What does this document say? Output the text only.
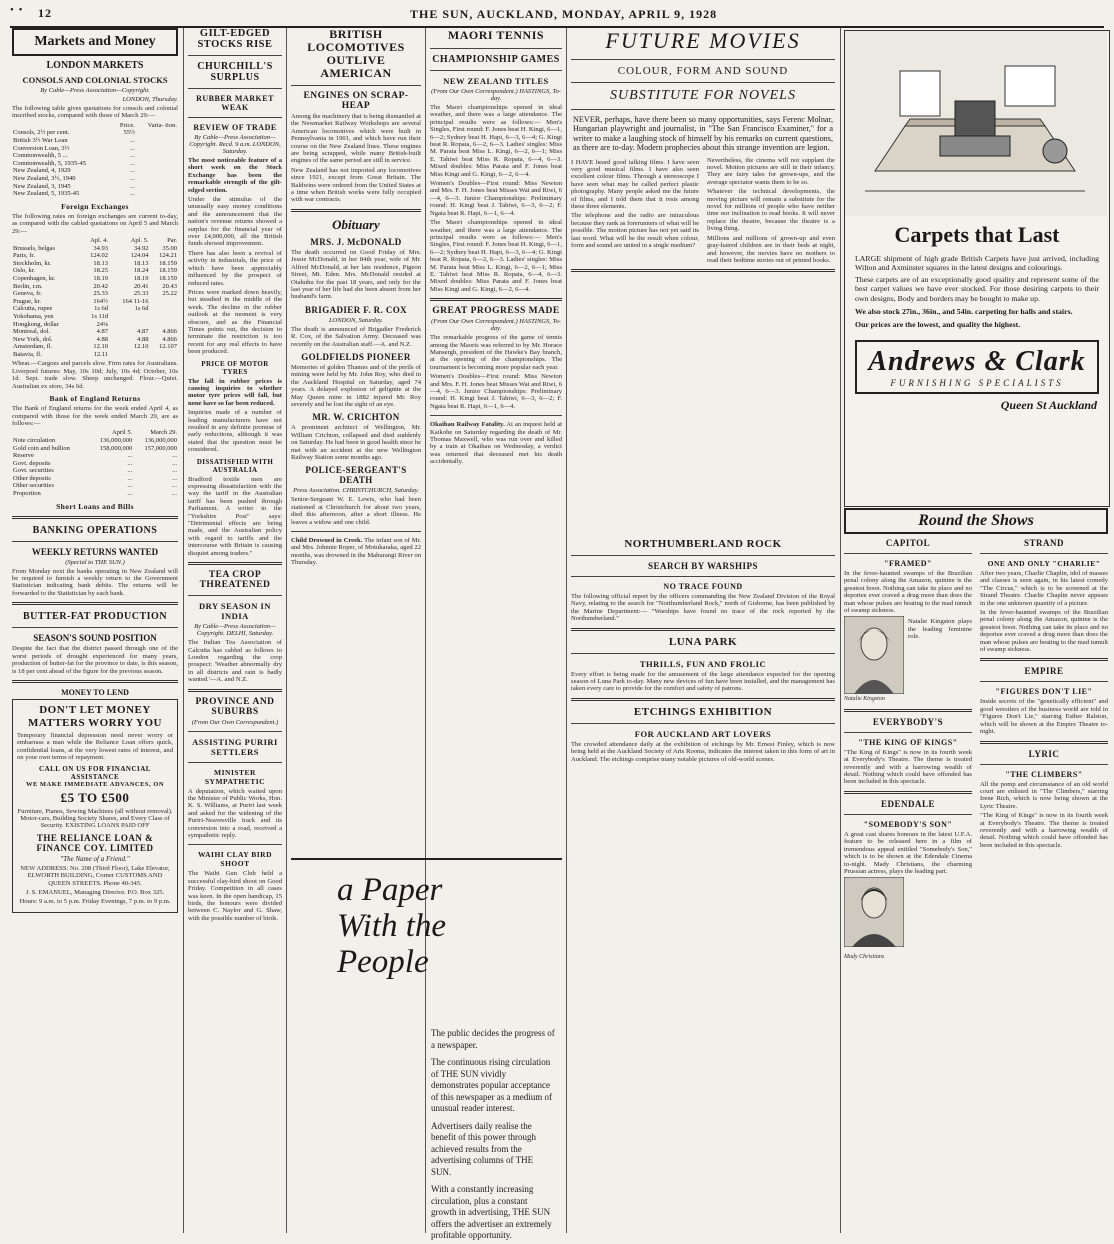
• • 12	THE SUN, AUCKLAND, MONDAY, APRIL 9, 1928
Markets and Money
LONDON MARKETS
CONSOLS AND COLONIAL STOCKS
By Cable—Press Association—Copyright.
LONDON, Thursday.
The following table gives quotations for consols and colonial inscribed stocks, compared with those of March 29:—
	Price.	Varia- tion.
Consols, 2½ per cent.	55½	
British 3½ War Loan	...	
Conversion Loan, 3½	...	
Commonwealth, 5 ...	...	
Commonwealth, 5, 1935-45	...	
New Zealand, 4, 1929	...	
New Zealand, 3½, 1940	...	
New Zealand, 3, 1945	...	
New Zealand, 5, 1935-45	...	
Foreign Exchanges
The following rates on foreign exchanges are current to-day, as compared with the cabled quotations on April 5 and March 29:—
	Apl. 4.	Apl. 5.	Par.
Brussels, belgas	34.93	34.92	35.00
Paris, fr.	124.02	124.04	124.21
Stockholm, kr.	18.13	18.13	18.159
Oslo, kr.	18.25	18.24	18.159
Copenhagen, kr.	18.19	18.19	18.159
Berlin, r.m.	20.42	20.41	20.43
Geneva, fr.	25.33	25.33	25.22
Prague, kr.	164½	164 11-16	
Calcutta, rupee	1s 6d	1s 6d	
Yokohama, yen	1s 11d		
Hongkong, dollar	24⅛		
Montreal, dol.	4.87	4.87	4.866
New York, dol.	4.88	4.88	4.866
Amsterdam, fl.	12.10	12.10	12.107
Batavia, fl.	12.11		
Wheat.—Cargoes and parcels slow. Firm rates for Australians. Liverpool futures: May, 10s 10d; July, 10s 4d; October, 10s 1d. Sept. trade slow. Sheep unchanged. Flour.—Quiet. Australian ex store, 34s 6d.
Bank of England Returns
The Bank of England returns for the week ended April 4, as compared with those for the week ended March 29, are as follows:—
	April 5.	March 29.
Note circulation	136,000,000	136,000,000
Gold coin and bullion	158,000,000	157,000,000
Reserve	...	...
Govt. deposits	...	...
Govt. securities	...	...
Other deposits	...	...
Other securities	...	...
Proportion	...	...
Short Loans and Bills
BANKING OPERATIONS
WEEKLY RETURNS WANTED
(Special to THE SUN.)
From Monday next the banks operating in New Zealand will be required to furnish a weekly return to the Government Statistician indicating bank debits. The returns will be forwarded to the Statistician by each bank.
BUTTER-FAT PRODUCTION
SEASON'S SOUND POSITION
Despite the fact that the district passed through one of the worst periods of drought experienced for many years, production of butter-fat for the province to date, is this season, is 18 per cent ahead of the figure for the previous season.
MONEY TO LEND
DON'T LET MONEY MATTERS WORRY YOU
Temporary financial depression need never worry or embarrass a man while the Reliance Loan offers quick, confidential loans, at the very lowest rates of interest, and on your own terms of repayment.
CALL ON US FOR FINANCIAL ASSISTANCE
WE MAKE IMMEDIATE ADVANCES, ON
£5 TO £500
Furniture, Pianos, Sewing Machines (all without removal). Motor-cars, Building Society Shares, and Every Class of Security. EXISTING LOANS PAID OFF
THE RELIANCE LOAN & FINANCE COY. LIMITED
"The Name of a Friend."
NEW ADDRESS: No. 208 (Third Floor), Lake Elevator, ELWORTH BUILDING, Corner CUSTOMS AND QUEEN STREETS. Phone 40-345.
J. S. EMANUEL, Managing Director. P.O. Box 325.
Hours: 9 a.m. to 5 p.m. Friday Evenings, 7 p.m. to 9 p.m.
GILT-EDGED STOCKS RISE
CHURCHILL'S SURPLUS
RUBBER MARKET WEAK
REVIEW OF TRADE
By Cable—Press Association—Copyright. Recd. 9 a.m. LONDON, Saturday.
The most noticeable feature of a short week on the Stock Exchange has been the remarkable strength of the gilt-edged section.
Under the stimulus of the unusually easy money conditions and the announcement that the nation's revenue returns showed a surplus for the financial year of over £4,000,000, all the British funds showed improvement.
There has also been a revival of activity in industrials, the price of which have been appreciably influenced by the prospect of reduced rates.
Prices were marked down heavily, but steadied in the middle of the week. The decline in the rubber outlook at the moment is very obscure, and as the Financial Times points out, the decision to terminate the restriction is too recent for any real effects to have been produced.
PRICE OF MOTOR TYRES
The fall in rubber prices is causing inquiries to whether motor tyre prices will fall, but none have so far been reduced.
Inquiries made of a number of leading manufacturers have not resulted in any definite promise of early reductions, although it was stated that the question must be considered.
DISSATISFIED WITH AUSTRALIA
Bradford textile men are expressing dissatisfaction with the way the tariff in the Australian tariff has been pushed through Parliament. A writer in the "Yorkshire Post" says: "Detrimental effects are being made, and the Australian policy with regard to tariffs and the intercourse with Britain is causing disquiet among traders."
TEA CROP THREATENED
DRY SEASON IN INDIA
By Cable—Press Association—Copyright. DELHI, Saturday.
The Indian Tea Association of Calcutta has cabled as follows to London regarding the crop prospect: 'Weather abnormally dry in all districts and rain is badly wanted.'—A. and N.Z.
PROVINCE AND SUBURBS
(From Our Own Correspondent.)
ASSISTING PURIRI SETTLERS
MINISTER SYMPATHETIC
A deputation, which waited upon the Minister of Public Works, Hon. K. S. Williams, at Puriri last week and asked for the widening of the Puriri-Neavesville track and its conversion into a road, received a sympathetic reply.
WAIHI CLAY BIRD SHOOT
The Waihi Gun Club held a successful clay-bird shoot on Good Friday. Competition in all cases was keen. In the open handicap, 15 birds, the honours were divided between C. Naylor and G. Shaw, with the possible number of birds.
BRITISH LOCOMOTIVES OUTLIVE AMERICAN
ENGINES ON SCRAP-HEAP
Among the machinery that is being dismantled at the Newmarket Railway Workshops are several American locomotives which were built in Pennsylvania in 1901, and which have run their course on the New Zealand lines. These engines are being scrapped, while many British-built engines of the same period are still in service.
New Zealand has not imported any locomotives since 1921, except from Great Britain. The Baldwins were ordered from the United States at a time when British works were fully occupied with war contracts.
Obituary
MRS. J. McDONALD
The death occurred on Good Friday of Mrs. Jessie McDonald, in her 84th year, wife of Mr. Alfred McDonald, at her late residence, Pigeon Street, Mt. Eden. Mrs. McDonald resided at Otahuhu for the past 18 years, and only for the last year of her life had she been absent from her husband's farm.
BRIGADIER F. R. COX
LONDON, Saturday.
The death is announced of Brigadier Frederick R. Cox, of the Salvation Army. Deceased was recently on the Australian staff.—A. and N.Z.
GOLDFIELDS PIONEER
Memories of golden Thames and of the perils of mining were held by Mr. John Roy, who died in the Auckland Hospital on Saturday, aged 74 years. A delayed explosion of gelignite at the May Queen mine in 1882 injured Mr. Roy severely and he lost the sight of an eye.
MR. W. CRICHTON
A prominent architect of Wellington, Mr. William Crichton, collapsed and died suddenly on Saturday. He had been in good health since he met with an accident at the new Wellington Railway Station some months ago.
POLICE-SERGEANT'S DEATH
Press Association. CHRISTCHURCH, Saturday.
Senior-Sergeant W. E. Lewis, who had been stationed at Christchurch for about two years, died this afternoon, after a short illness. He leaves a widow and one child.
Child Drowned in Creek. The infant son of Mr. and Mrs. Johnnie Roper, of Motukaraka, aged 22 months, was drowned in the Mahurangi River on Thursday.
MAORI TENNIS
CHAMPIONSHIP GAMES
NEW ZEALAND TITLES
(From Our Own Correspondent.) HASTINGS, To-day.
The Maori championships opened in ideal weather, and there was a large attendance. The principal results were as follows:— Men's Singles, First round: F. Jones beat H. Kingi, 6—1, 6—2; Sydney beat H. Hapi, 6—3, 6—4; G. Kingi beat R. Ropata, 6—2, 6—3. Ladies' singles: Miss M. Parata beat Miss L. Kingi, 6—2, 6—1; Miss E. Tahiwi beat Miss R. Ropata, 6—4, 6—3. Mixed doubles: Miss Parata and F. Jones beat Miss Kingi and G. Kingi, 6—2, 6—4.
Women's Doubles—First round: Miss Newton and Mrs. F. H. Jones beat Misses Wai and Riwi, 6—4, 6—3. Junior Championships: Preliminary round: H. Kingi beat J. Tahiwi, 6—3, 6—2; F. Ngata beat R. Hapi, 6—1, 6—4.
The Maori championships opened in ideal weather, and there was a large attendance. The principal results were as follows:— Men's Singles, First round: F. Jones beat H. Kingi, 6—1, 6—2; Sydney beat H. Hapi, 6—3, 6—4; G. Kingi beat R. Ropata, 6—2, 6—3. Ladies' singles: Miss M. Parata beat Miss L. Kingi, 6—2, 6—1; Miss E. Tahiwi beat Miss R. Ropata, 6—4, 6—3. Mixed doubles: Miss Parata and F. Jones beat Miss Kingi and G. Kingi, 6—2, 6—4.
GREAT PROGRESS MADE
(From Our Own Correspondent.) HASTINGS, To-day.
The remarkable progress of the game of tennis among the Maoris was referred to by Mr. Horace Mansergh, president of the Hawke's Bay branch, at the opening of the championships. The tournament is becoming more popular each year.
Women's Doubles—First round: Miss Newton and Mrs. F. H. Jones beat Misses Wai and Riwi, 6—4, 6—3. Junior Championships: Preliminary round: H. Kingi beat J. Tahiwi, 6—3, 6—2; F. Ngata beat R. Hapi, 6—1, 6—4.
Okaihau Railway Fatality. At an inquest held at Kaikohe on Saturday regarding the death of Mr. Thomas Maxwell, who was run over and killed by a train at Okaihau on Wednesday, a verdict was returned that deceased met his death accidentally.
a Paper With the People
The public decides the progress of a newspaper.
The continuous rising circulation of THE SUN vividly demonstrates popular acceptance of this newspaper as a medium of unusual reader interest.
Advertisers daily realise the benefit of this power through achieved results from the advertising columns of THE SUN.
With a constantly increasing circulation, plus a constant growth in advertising, THE SUN offers the advertiser an extremely profitable opportunity.
FUTURE MOVIES
COLOUR, FORM AND SOUND
SUBSTITUTE FOR NOVELS
NEVER, perhaps, have there been so many opportunities, says Ferenc Molnar, Hungarian playwright and journalist, in "The San Francisco Examiner," for a writer to make a laughing stock of himself by his remarks on current questions, as there are to-day. Modern prophecies about this strange invention are legion.
I HAVE heard good talking films. I have seen very good musical films. I have also seen excellent colour films. Through a stereoscope I have seen what may be called perfect plastic photography. Many people asked me the future of films, and I told them that it rests among these three elements.
The telephone and the radio are miraculous because they rank as forerunners of what will be possible. The motion picture has not yet said its last word. What will be the result when colour, form and sound are united in a single medium?
Nevertheless, the cinema will not supplant the novel. Motion pictures are still in their infancy. They are fairy tales for grown-ups, and the average spectator wants them to be so.
Whatever the technical developments, the moving picture will remain a substitute for the novel for millions of people who have neither time nor inclination to read books. It will never replace the theatre, because the theatre is a living thing.
Millions and millions of grown-up and even gray-haired children are in their beds at night, and however, the movies have no mothers to read their bedtime stories out of printed books.
NORTHUMBERLAND ROCK
SEARCH BY WARSHIPS
NO TRACE FOUND
The following official report by the officers commanding the New Zealand Division of the Royal Navy, relating to the search for "Northumberland Rock," north of Gisborne, has been published by the Marine Department:— "Warships have found no trace of the rock reported by the Northumberland."
LUNA PARK
THRILLS, FUN AND FROLIC
Every effort is being made for the amusement of the large attendance expected for the opening season of Luna Park to-day. Many new devices of fun have been installed, and the management has taken every care to provide for the comfort and safety of patrons.
ETCHINGS EXHIBITION
FOR AUCKLAND ART LOVERS
The crowded attendance daily at the exhibition of etchings by Mr. Ernest Finley, which is now being held at the Auckland Society of Arts Rooms, indicates the interest taken in this form of art in Auckland. The etchings comprise many notable pictures of old-world scenes.
Carpets that Last
LARGE shipment of high grade British Carpets have just arrived, including Wilton and Axminster squares in the latest designs and colourings.
These carpets are of an exceptionally good quality and represent some of the best carpet values we have ever stocked. For those desiring carpets to their own designs, Body and borders may be bought to make up.
We also stock 27in., 36in., and 54in. carpeting for halls and stairs.
Our prices are the lowest, and quality the highest.
Andrews & Clark
FURNISHING SPECIALISTS
Queen St Auckland
Round the Shows
CAPITOL
"FRAMED"
In the fever-haunted swamps of the Brazilian penal colony along the Amazon, quinine is the greatest boon. Nothing can take its place and no deportee ever craved a drug more than does the man whose pulses are beating to the mad tumult of swamp sickness.
Natalie Kingston plays the leading feminine role.
Natalie Kingston
EVERYBODY'S
"THE KING OF KINGS"
"The King of Kings" is now in its fourth week at Everybody's Theatre. The theme is treated reverently and with a harrowing wealth of detail. Nothing which could have offended has been included in this spectacle.
EDENDALE
"SOMEBODY'S SON"
A great cast shares honours in the latest U.F.A. feature to be released here in a film of tremendous appeal entitled "Somebody's Son," which is to be shown at the Edendale Cinema to-night. Mady Christians, the charming Prussian actress, plays the leading part.
Mady Christians
STRAND
ONE AND ONLY "CHARLIE"
After two years, Charlie Chaplin, idol of masses and classes is seen again, in his latest comedy "The Circus," which is to be screened at the Strand Theatre. Charlie Chaplin never appears in the one unknown quantity of a picture.
In the fever-haunted swamps of the Brazilian penal colony along the Amazon, quinine is the greatest boon. Nothing can take its place and no deportee ever craved a drug more than does the man whose pulses are beating to the mad tumult of swamp sickness.
EMPIRE
"FIGURES DON'T LIE"
Inside secrets of the "genetically efficient" and good wrestlers of the business world are told in "Figures Don't Lie," starring Esther Ralston, which will be shown at the Empire Theatre to-night.
LYRIC
"THE CLIMBERS"
All the pomp and circumstance of an old world court are enlisted in "The Climbers," starring Irene Rich, which is now being shown at the Lyric Theatre.
"The King of Kings" is now in its fourth week at Everybody's Theatre. The theme is treated reverently and with a harrowing wealth of detail. Nothing which could have offended has been included in this spectacle.
